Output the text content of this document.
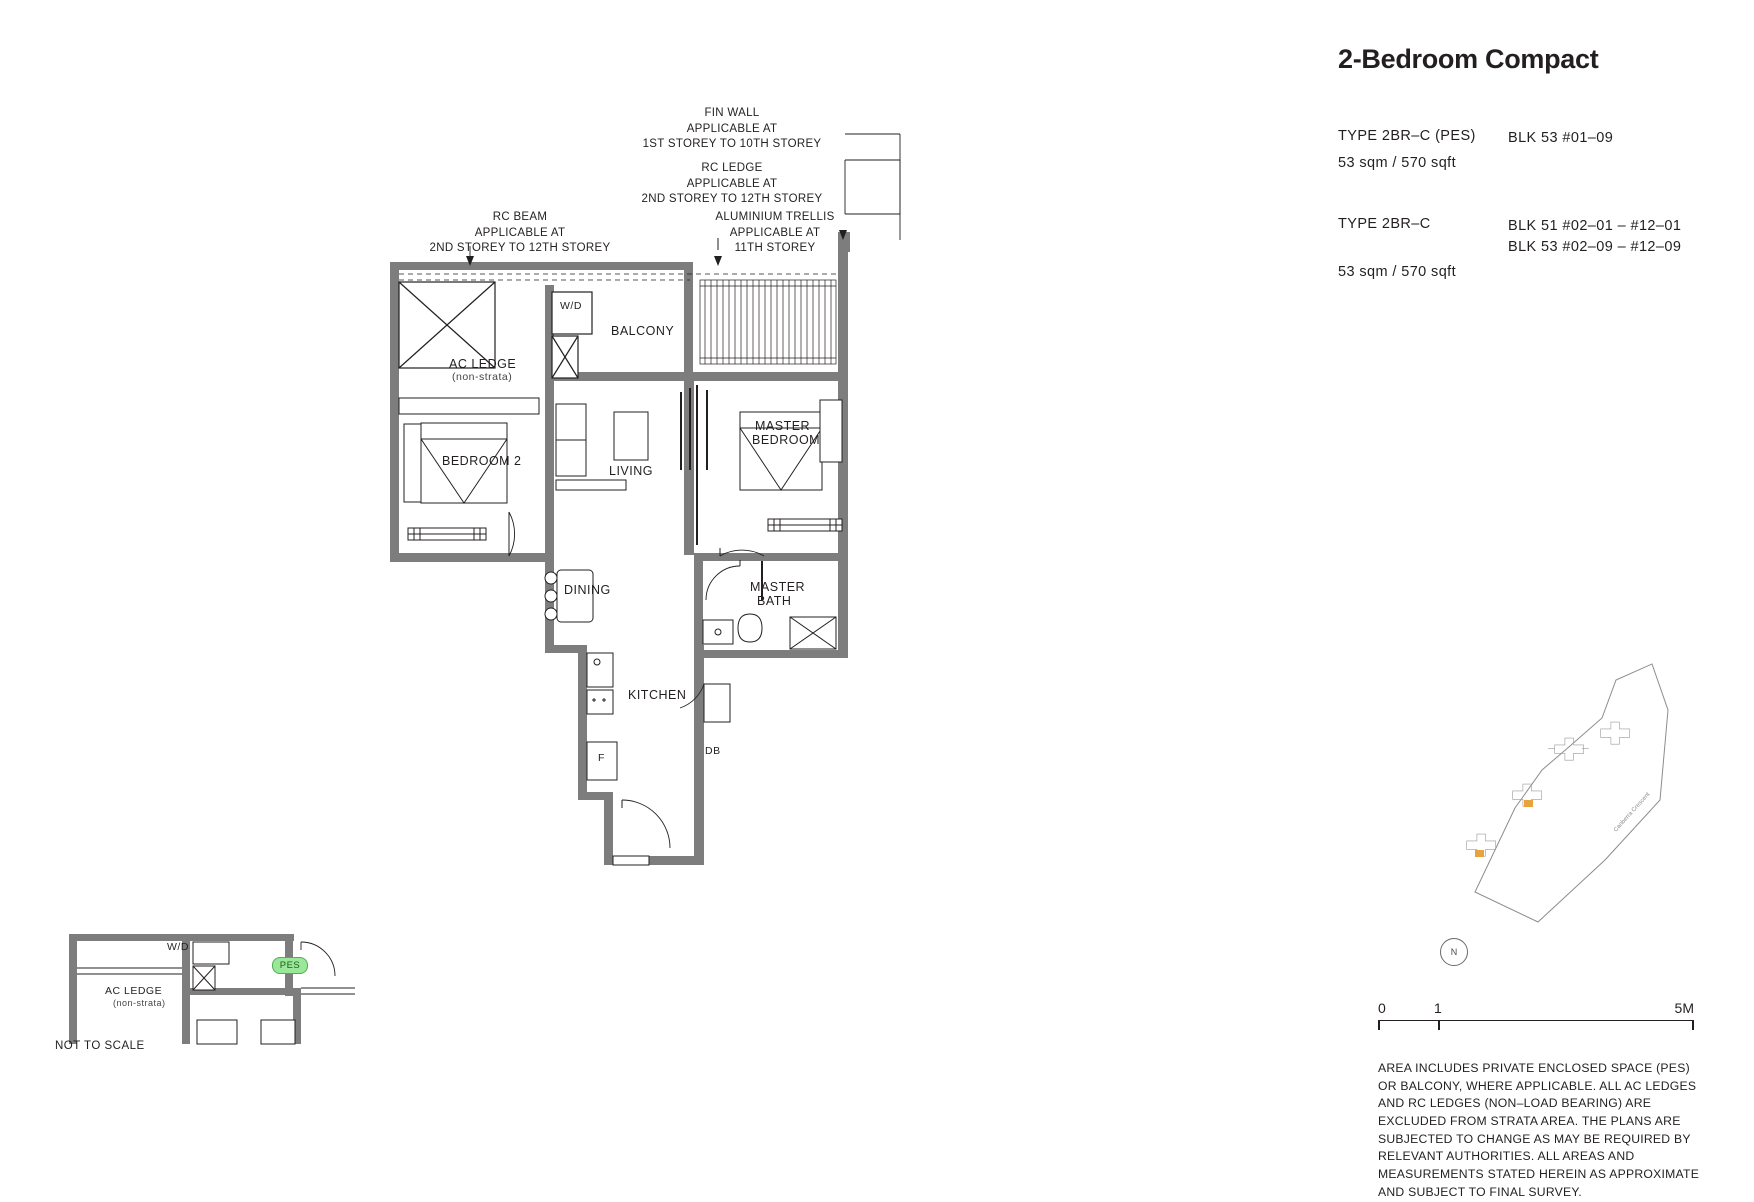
AC LEDGE
(non-strata)
BALCONY
W/D
BEDROOM 2
LIVING
MASTER
BEDROOM
DINING	MASTER
BATH
KITCHEN
DB
F
FIN WALL
APPLICABLE AT
1ST STOREY TO 10TH STOREY
RC LEDGE
APPLICABLE AT
2ND STOREY TO 12TH STOREY
ALUMINIUM TRELLIS
APPLICABLE AT
11TH STOREY
RC BEAM
APPLICABLE AT
2ND STOREY TO 12TH STOREY
2-Bedroom Compact
TYPE 2BR–C (PES)	BLK 53 #01–09
53 sqm / 570 sqft
TYPE 2BR–C	BLK 51 #02–01 – #12–01
BLK 53 #02–09 – #12–09
53 sqm / 570 sqft
Canberra Crescent
N
0	1	5M
AREA INCLUDES PRIVATE ENCLOSED SPACE (PES) OR BALCONY, WHERE APPLICABLE. ALL AC LEDGES AND RC LEDGES (NON–LOAD BEARING) ARE EXCLUDED FROM STRATA AREA. THE PLANS ARE SUBJECTED TO CHANGE AS MAY BE REQUIRED BY RELEVANT AUTHORITIES. ALL AREAS AND MEASUREMENTS STATED HEREIN AS APPROXIMATE AND SUBJECT TO FINAL SURVEY.
W/D
AC LEDGE
(non-strata)
PES
NOT TO SCALE
